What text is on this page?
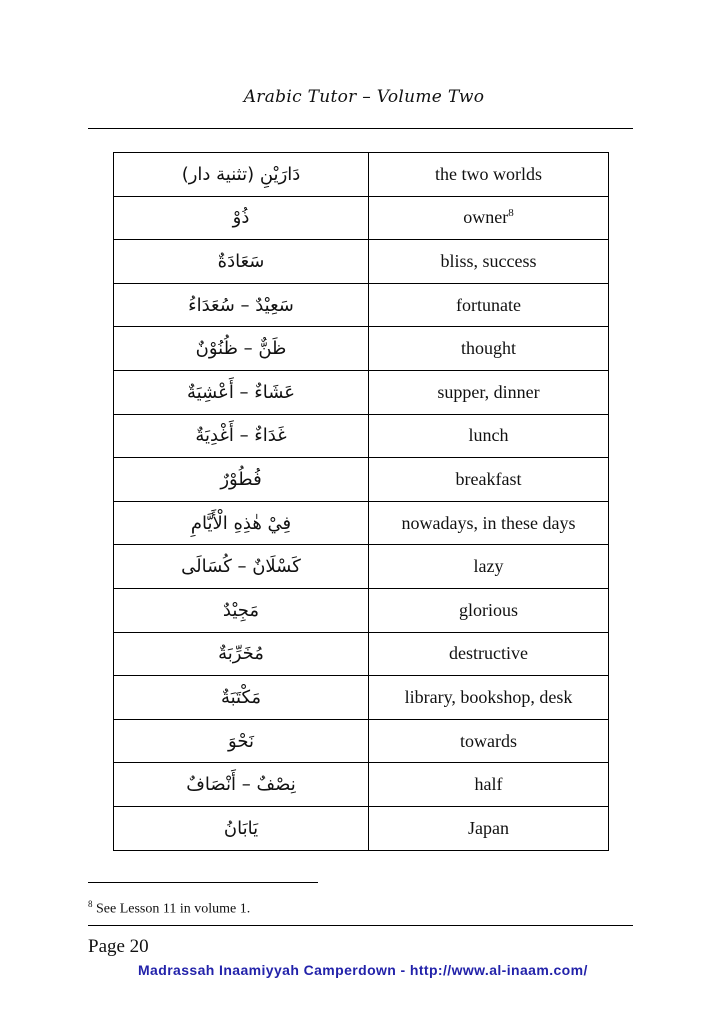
Arabic Tutor – Volume Two
دَارَيْنِ (تثنية دار)	the two worlds
ذُوْ	owner$^8$
سَعَادَةٌ	bliss, success
سَعِيْدٌ – سُعَدَاءُ	fortunate
ظَنٌّ – ظُنُوْنٌ	thought
عَشَاءٌ – أَعْشِيَةٌ	supper, dinner
غَدَاءٌ – أَغْدِيَةٌ	lunch
فُطُوْرٌ	breakfast
فِيْ هٰذِهِ الْأَيَّامِ	nowadays, in these days
كَسْلَانٌ – كُسَالَى	lazy
مَجِيْدٌ	glorious
مُخَرِّبَةٌ	destructive
مَكْتَبَةٌ	library, bookshop, desk
نَحْوَ	towards
نِصْفٌ – أَنْصَافٌ	half
يَابَانُ	Japan
$^8$ See Lesson 11 in volume 1.
Page 20
Madrassah Inaamiyyah Camperdown - http://www.al-inaam.com/
